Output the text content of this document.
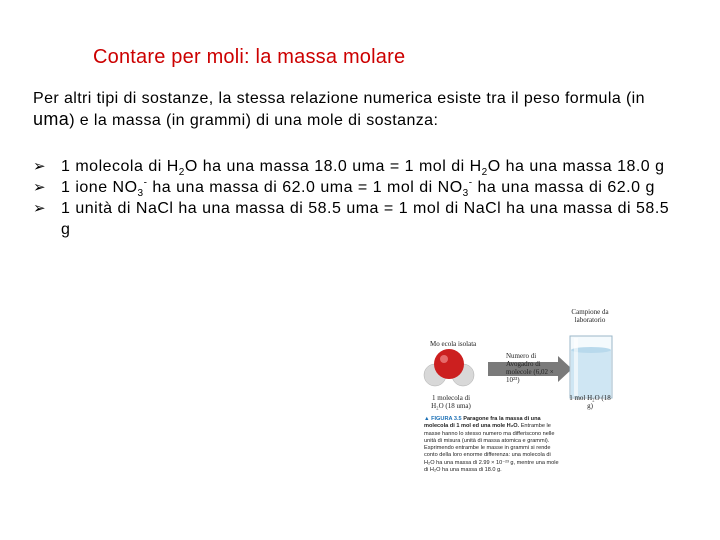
Contare per moli: la massa molare
Per altri tipi di sostanze, la stessa relazione numerica esiste tra il peso formula (in uma) e la massa (in grammi) di una mole di sostanza:
➢ 1 molecola di $H_2O$ ha una massa 18.0 uma = 1 mol di $H_2O$ ha una massa 18.0 g
➢ 1 ione $NO_3^-$ ha una massa di 62.0 uma = 1 mol di $NO_3^-$ ha una massa di 62.0 g
➢ 1 unità di NaCl ha una massa di 58.5 uma = 1 mol di NaCl ha una massa di 58.5 g
Mo ecola isolata
Numero di Avogadro di molecole (6,02 × 10²³)
Campione da laboratorio
1 molecola di H₂O (18 uma)
1 mol H₂O (18 g)
▲ FIGURA 3.5 Paragone fra la massa di una molecola di 1 mol ed una mole H₂O. Entrambe le masse hanno lo stesso numero ma differiscono nelle unità di misura (unità di massa atomica e grammi). Esprimendo entrambe le masse in grammi si rende conto della loro enorme differenza: una molecola di H₂O ha una massa di 2.99 × 10⁻²³ g, mentre una mole di H₂O ha una massa di 18.0 g.
